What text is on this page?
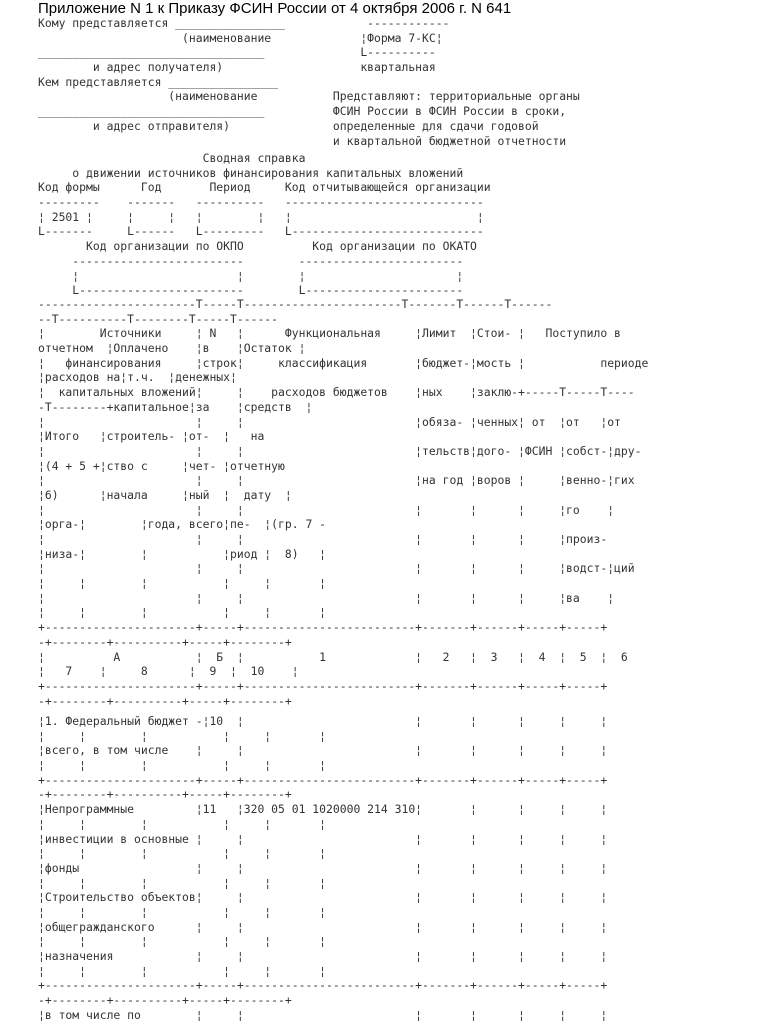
Приложение N 1 к Приказу ФСИН России от 4 октября 2006 г. N 641
Кому представляется ________________            ------------
(наименование             ¦Форма 7-КС¦
_________________________________              L----------
и адрес получателя)                    квартальная
Кем представляется ________________
(наименование           Представляют: территориальные органы
_________________________________          ФСИН России в ФСИН России в сроки,
и адрес отправителя)               определенные для сдачи годовой
и квартальной бюджетной отчетности
Сводная справка
о движении источников финансирования капитальных вложений
Код формы      Год       Период     Код отчитывающейся организации
---------    -------   ----------   -----------------------------
¦ 2501 ¦     ¦     ¦   ¦        ¦   ¦                           ¦
L-------     L------   L---------   L----------------------------
Код организации по ОКПО          Код организации по ОКАТО
-------------------------        ------------------------
¦                       ¦        ¦                      ¦
L------------------------        L-----------------------
-----------------------T-----T-----------------------T-------T------T------
--T----------T--------T-----T------
¦        Источники     ¦ N   ¦      Функциональная     ¦Лимит  ¦Стои- ¦   Поступило в
отчетном  ¦Оплачено    ¦в    ¦Остаток ¦
¦   финансирования     ¦строк¦     классификация       ¦бюджет-¦мость ¦           периоде
¦расходов на¦т.ч.  ¦денежных¦
¦  капитальных вложений¦     ¦    расходов бюджетов    ¦ных    ¦заклю-+-----T-----T----
-T--------+капитальное¦за    ¦средств  ¦
¦                      ¦     ¦                         ¦обяза- ¦ченных¦ от  ¦от   ¦от
¦Итого   ¦строитель- ¦от-  ¦   на
¦                      ¦     ¦                         ¦тельств¦дого- ¦ФСИН ¦собст-¦дру-
¦(4 + 5 +¦ство с     ¦чет- ¦отчетную
¦                      ¦     ¦                         ¦на год ¦воров ¦     ¦венно-¦гих
¦6)      ¦начала     ¦ный  ¦  дату  ¦
¦                      ¦     ¦                         ¦       ¦      ¦     ¦го    ¦
¦орга-¦        ¦года, всего¦пе-  ¦(гр. 7 -
¦                      ¦     ¦                         ¦       ¦      ¦     ¦произ-
¦низа-¦        ¦           ¦риод ¦  8)   ¦
¦                      ¦     ¦                         ¦       ¦      ¦     ¦водст-¦ций
¦     ¦        ¦           ¦     ¦       ¦
¦                      ¦     ¦                         ¦       ¦      ¦     ¦ва    ¦
¦     ¦        ¦           ¦     ¦       ¦
+----------------------+-----+-------------------------+-------+------+-----+-----+
-+--------+----------+-----+--------+
¦          А           ¦  Б  ¦           1             ¦   2   ¦  3   ¦  4  ¦  5  ¦  6
¦   7    ¦     8      ¦  9  ¦  10    ¦
+----------------------+-----+-------------------------+-------+------+-----+-----+
-+--------+----------+-----+--------+
¦1. Федеральный бюджет -¦10  ¦                         ¦       ¦      ¦     ¦     ¦
¦     ¦        ¦           ¦     ¦       ¦
¦всего, в том числе    ¦     ¦                         ¦       ¦      ¦     ¦     ¦
¦     ¦        ¦           ¦     ¦       ¦
+----------------------+-----+-------------------------+-------+------+-----+-----+
-+--------+----------+-----+--------+
¦Непрограммные         ¦11   ¦320 05 01 1020000 214 310¦       ¦      ¦     ¦     ¦
¦     ¦        ¦           ¦     ¦       ¦
¦инвестиции в основные ¦     ¦                         ¦       ¦      ¦     ¦     ¦
¦     ¦        ¦           ¦     ¦       ¦
¦фонды                 ¦     ¦                         ¦       ¦      ¦     ¦     ¦
¦     ¦        ¦           ¦     ¦       ¦
¦Строительство объектов¦     ¦                         ¦       ¦      ¦     ¦     ¦
¦     ¦        ¦           ¦     ¦       ¦
¦общегражданского      ¦     ¦                         ¦       ¦      ¦     ¦     ¦
¦     ¦        ¦           ¦     ¦       ¦
¦назначения            ¦     ¦                         ¦       ¦      ¦     ¦     ¦
¦     ¦        ¦           ¦     ¦       ¦
+----------------------+-----+-------------------------+-------+------+-----+-----+
-+--------+----------+-----+--------+
¦в том числе по        ¦     ¦                         ¦       ¦      ¦     ¦     ¦
